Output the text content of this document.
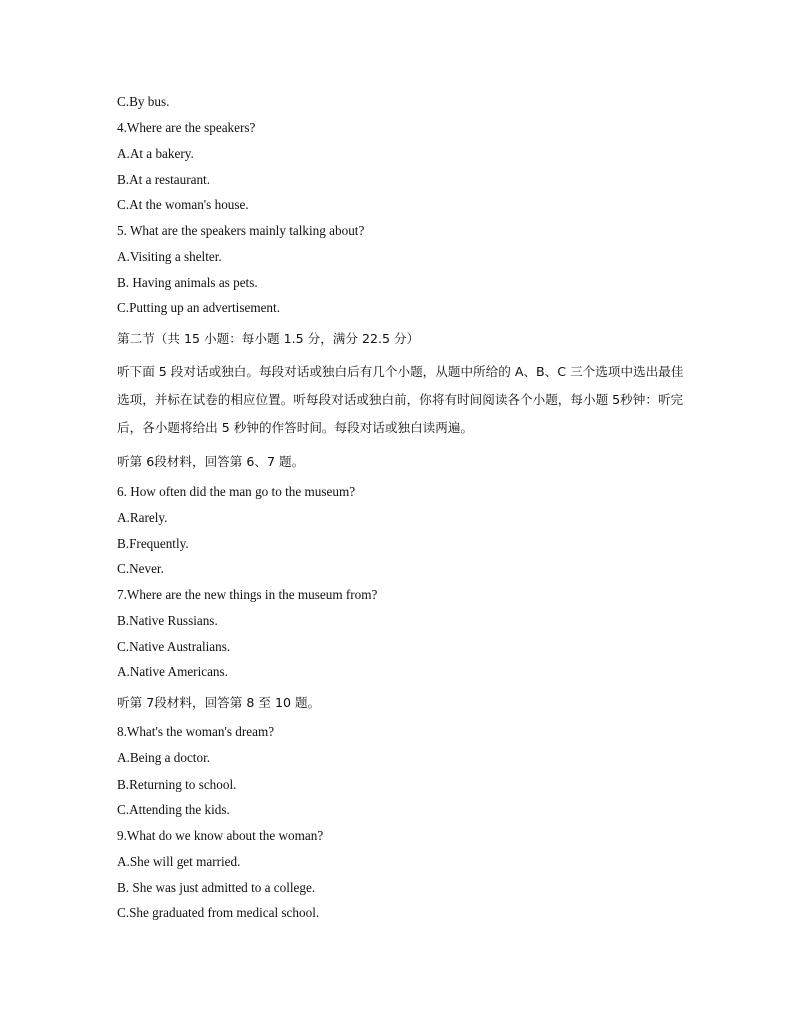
C.By bus.
4.Where are the speakers?
A.At a bakery.
B.At a restaurant.
C.At the woman's house.
5. What are the speakers mainly talking about?
A.Visiting a shelter.
B. Having animals as pets.
C.Putting up an advertisement.
第二节（共 15 小题：每小题 1.5 分，满分 22.5 分）
听下面 5 段对话或独白。每段对话或独白后有几个小题，从题中所给的 A、B、C 三个选项中选出最佳选项，并标在试卷的相应位置。听每段对话或独白前，你将有时间阅读各个小题，每小题 5秒钟：听完后，各小题将给出 5 秒钟的作答时间。每段对话或独白读两遍。
听第 6段材料，回答第 6、7 题。
6. How often did the man go to the museum?
A.Rarely.
B.Frequently.
C.Never.
7.Where are the new things in the museum from?
B.Native Russians.
C.Native Australians.
A.Native Americans.
听第 7段材料，回答第 8 至 10 题。
8.What's the woman's dream?
A.Being a doctor.
B.Returning to school.
C.Attending the kids.
9.What do we know about the woman?
A.She will get married.
B. She was just admitted to a college.
C.She graduated from medical school.
